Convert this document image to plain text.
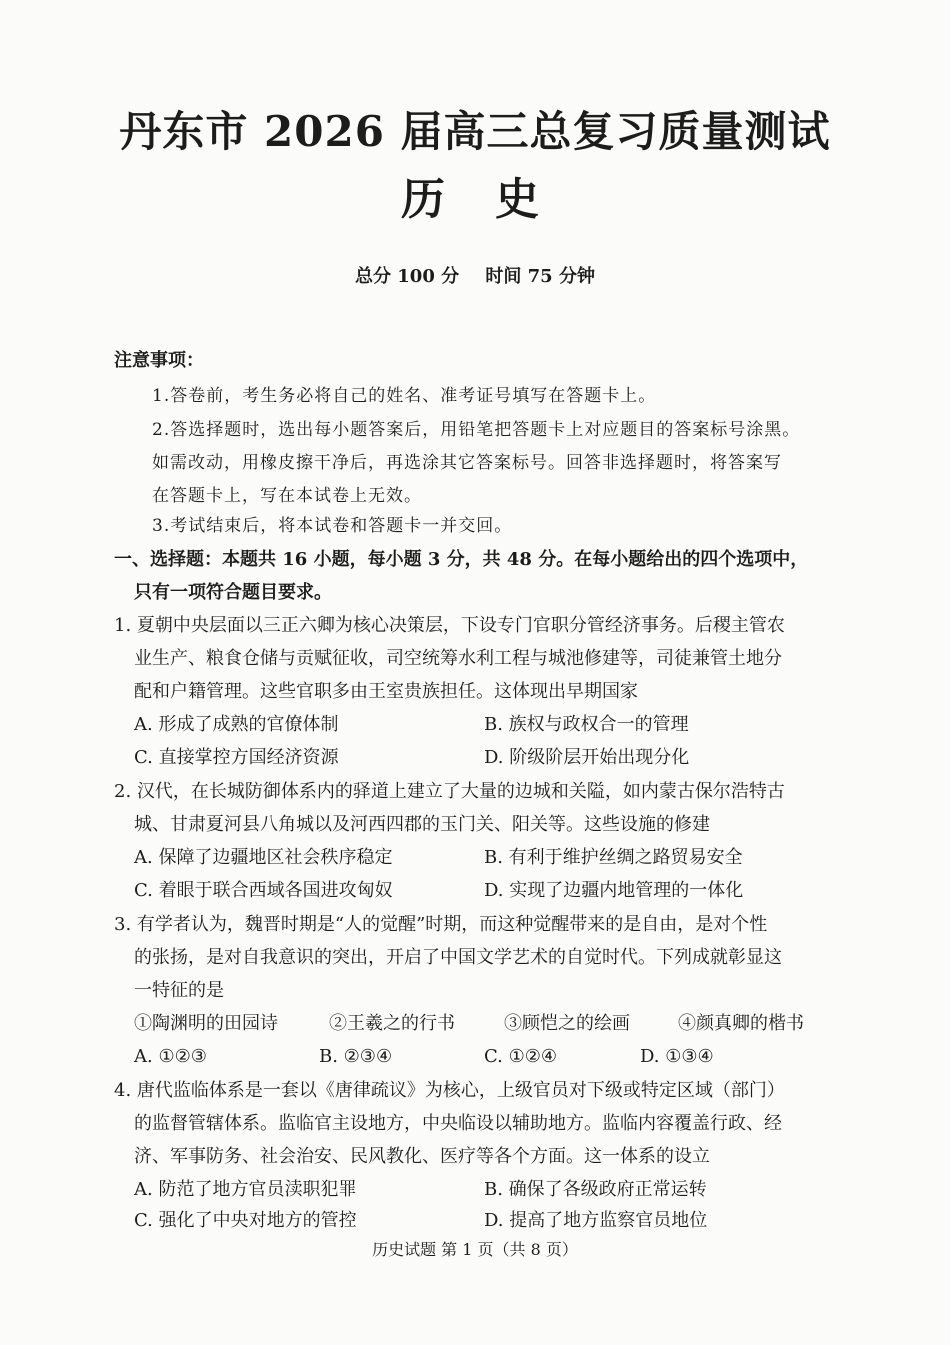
丹东市 2026 届高三总复习质量测试
历史
总分 100 分 时间 75 分钟
注意事项：
1.答卷前，考生务必将自己的姓名、准考证号填写在答题卡上。
2.答选择题时，选出每小题答案后，用铅笔把答题卡上对应题目的答案标号涂黑。
如需改动，用橡皮擦干净后，再选涂其它答案标号。回答非选择题时，将答案写
在答题卡上，写在本试卷上无效。
3.考试结束后，将本试卷和答题卡一并交回。
一、选择题：本题共 16 小题，每小题 3 分，共 48 分。在每小题给出的四个选项中，
只有一项符合题目要求。
1. 夏朝中央层面以三正六卿为核心决策层，下设专门官职分管经济事务。后稷主管农
业生产、粮食仓储与贡赋征收，司空统筹水利工程与城池修建等，司徒兼管土地分
配和户籍管理。这些官职多由王室贵族担任。这体现出早期国家
A. 形成了成熟的官僚体制	B. 族权与政权合一的管理
C. 直接掌控方国经济资源	D. 阶级阶层开始出现分化
2. 汉代，在长城防御体系内的驿道上建立了大量的边城和关隘，如内蒙古保尔浩特古
城、甘肃夏河县八角城以及河西四郡的玉门关、阳关等。这些设施的修建
A. 保障了边疆地区社会秩序稳定	B. 有利于维护丝绸之路贸易安全
C. 着眼于联合西域各国进攻匈奴	D. 实现了边疆内地管理的一体化
3. 有学者认为，魏晋时期是“人的觉醒”时期，而这种觉醒带来的是自由，是对个性
的张扬，是对自我意识的突出，开启了中国文学艺术的自觉时代。下列成就彰显这
一特征的是
①陶渊明的田园诗	②王羲之的行书	③顾恺之的绘画	④颜真卿的楷书
A. ①②③	B. ②③④	C. ①②④	D. ①③④
4. 唐代监临体系是一套以《唐律疏议》为核心，上级官员对下级或特定区域（部门）
的监督管辖体系。监临官主设地方，中央临设以辅助地方。监临内容覆盖行政、经
济、军事防务、社会治安、民风教化、医疗等各个方面。这一体系的设立
A. 防范了地方官员渎职犯罪	B. 确保了各级政府正常运转
C. 强化了中央对地方的管控	D. 提高了地方监察官员地位
历史试题 第 1 页（共 8 页）
